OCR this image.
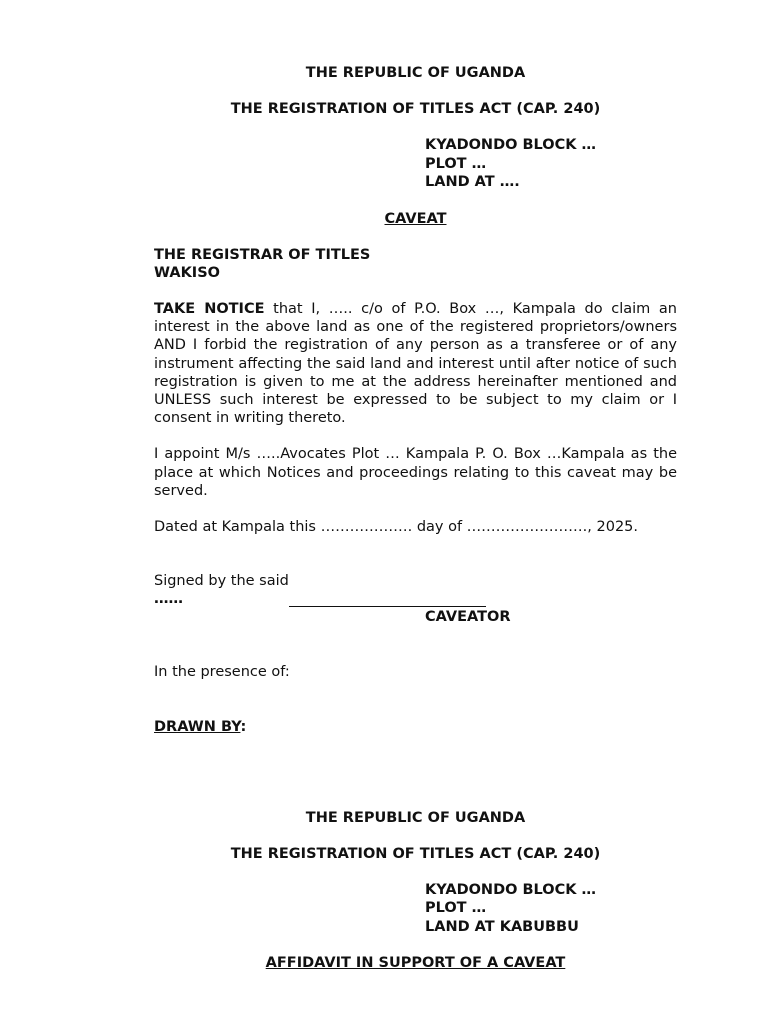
THE REPUBLIC OF UGANDA
THE REGISTRATION OF TITLES ACT (CAP. 240)
KYADONDO BLOCK …
PLOT …
LAND AT ….
CAVEAT
THE REGISTRAR OF TITLES
WAKISO
TAKE NOTICE that I, ….. c/o of P.O. Box …, Kampala do claim an interest in the above land as one of the registered proprietors/owners AND I forbid the registration of any person as a transferee or of any instrument affecting the said land and interest until after notice of such registration is given to me at the address hereinafter mentioned and UNLESS such interest be expressed to be subject to my claim or I consent in writing thereto.
I appoint M/s …..Avocates Plot … Kampala P. O. Box …Kampala as the place at which Notices and proceedings relating to this caveat may be served.
Dated at Kampala this ………………. day of ……………………., 2025.
Signed by the said
……
CAVEATOR
In the presence of:
DRAWN BY:
THE REPUBLIC OF UGANDA
THE REGISTRATION OF TITLES ACT (CAP. 240)
KYADONDO BLOCK …
PLOT …
LAND AT KABUBBU
AFFIDAVIT IN SUPPORT OF A CAVEAT
